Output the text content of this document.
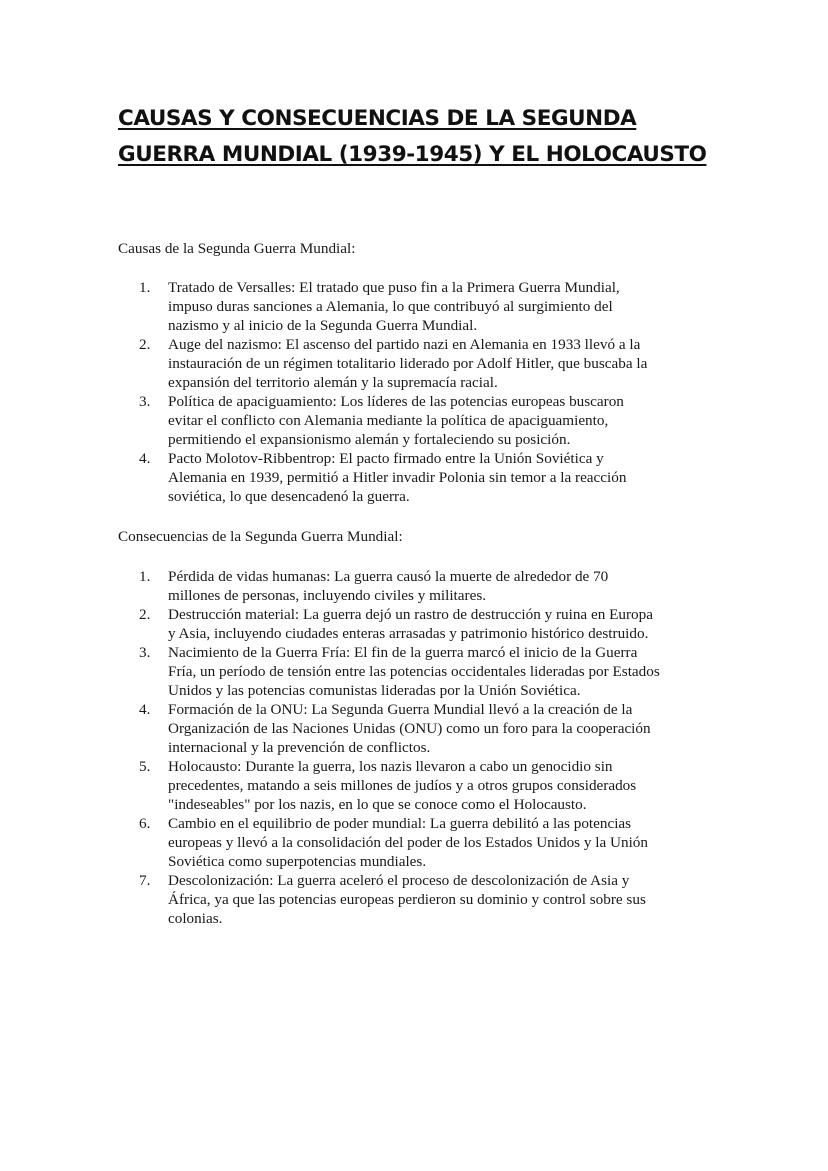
CAUSAS Y CONSECUENCIAS DE LA SEGUNDA
GUERRA MUNDIAL (1939-1945) Y EL HOLOCAUSTO

Causas de la Segunda Guerra Mundial:

1. Tratado de Versalles: El tratado que puso fin a la Primera Guerra Mundial,
impuso duras sanciones a Alemania, lo que contribuyó al surgimiento del
nazismo y al inicio de la Segunda Guerra Mundial.
2. Auge del nazismo: El ascenso del partido nazi en Alemania en 1933 llevó a la
instauración de un régimen totalitario liderado por Adolf Hitler, que buscaba la
expansión del territorio alemán y la supremacía racial.
3. Política de apaciguamiento: Los líderes de las potencias europeas buscaron
evitar el conflicto con Alemania mediante la política de apaciguamiento,
permitiendo el expansionismo alemán y fortaleciendo su posición.
4. Pacto Molotov-Ribbentrop: El pacto firmado entre la Unión Soviética y
Alemania en 1939, permitió a Hitler invadir Polonia sin temor a la reacción
soviética, lo que desencadenó la guerra.

Consecuencias de la Segunda Guerra Mundial:

1. Pérdida de vidas humanas: La guerra causó la muerte de alrededor de 70
millones de personas, incluyendo civiles y militares.
2. Destrucción material: La guerra dejó un rastro de destrucción y ruina en Europa
y Asia, incluyendo ciudades enteras arrasadas y patrimonio histórico destruido.
3. Nacimiento de la Guerra Fría: El fin de la guerra marcó el inicio de la Guerra
Fría, un período de tensión entre las potencias occidentales lideradas por Estados
Unidos y las potencias comunistas lideradas por la Unión Soviética.
4. Formación de la ONU: La Segunda Guerra Mundial llevó a la creación de la
Organización de las Naciones Unidas (ONU) como un foro para la cooperación
internacional y la prevención de conflictos.
5. Holocausto: Durante la guerra, los nazis llevaron a cabo un genocidio sin
precedentes, matando a seis millones de judíos y a otros grupos considerados
"indeseables" por los nazis, en lo que se conoce como el Holocausto.
6. Cambio en el equilibrio de poder mundial: La guerra debilitó a las potencias
europeas y llevó a la consolidación del poder de los Estados Unidos y la Unión
Soviética como superpotencias mundiales.
7. Descolonización: La guerra aceleró el proceso de descolonización de Asia y
África, ya que las potencias europeas perdieron su dominio y control sobre sus
colonias.
